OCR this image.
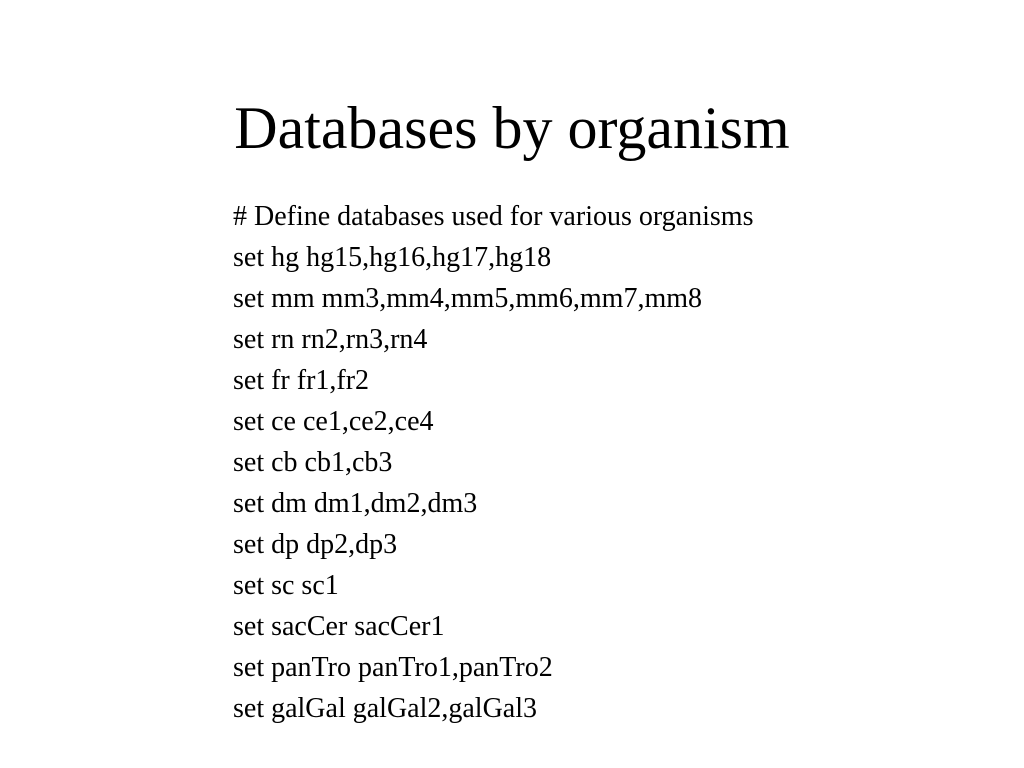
Databases by organism
# Define databases used for various organisms
set hg hg15,hg16,hg17,hg18
set mm mm3,mm4,mm5,mm6,mm7,mm8
set rn rn2,rn3,rn4
set fr fr1,fr2
set ce ce1,ce2,ce4
set cb cb1,cb3
set dm dm1,dm2,dm3
set dp dp2,dp3
set sc sc1
set sacCer sacCer1
set panTro panTro1,panTro2
set galGal galGal2,galGal3
